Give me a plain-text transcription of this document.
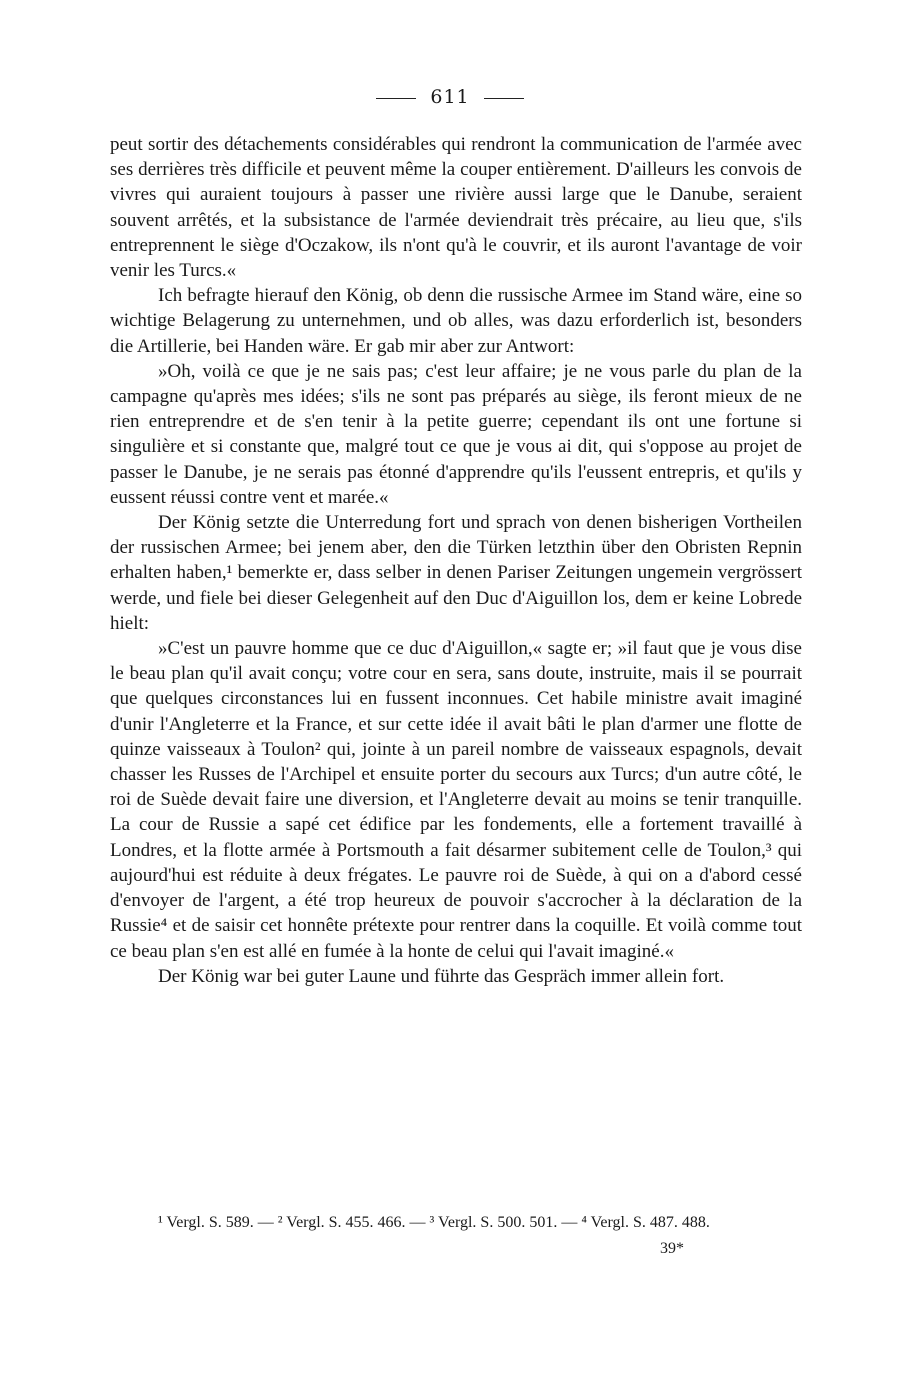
611

peut sortir des détachements considérables qui rendront la communication de l'armée avec ses derrières très difficile et peuvent même la couper entièrement. D'ailleurs les convois de vivres qui auraient toujours à passer une rivière aussi large que le Danube, seraient souvent arrêtés, et la subsistance de l'armée deviendrait très précaire, au lieu que, s'ils entreprennent le siège d'Oczakow, ils n'ont qu'à le couvrir, et ils auront l'avantage de voir venir les Turcs.«

Ich befragte hierauf den König, ob denn die russische Armee im Stand wäre, eine so wichtige Belagerung zu unternehmen, und ob alles, was dazu erforderlich ist, besonders die Artillerie, bei Handen wäre. Er gab mir aber zur Antwort:

»Oh, voilà ce que je ne sais pas; c'est leur affaire; je ne vous parle du plan de la campagne qu'après mes idées; s'ils ne sont pas préparés au siège, ils feront mieux de ne rien entreprendre et de s'en tenir à la petite guerre; cependant ils ont une fortune si singulière et si constante que, malgré tout ce que je vous ai dit, qui s'oppose au projet de passer le Danube, je ne serais pas étonné d'apprendre qu'ils l'eussent entrepris, et qu'ils y eussent réussi contre vent et marée.«

Der König setzte die Unterredung fort und sprach von denen bisherigen Vortheilen der russischen Armee; bei jenem aber, den die Türken letzthin über den Obristen Repnin erhalten haben,¹ bemerkte er, dass selber in denen Pariser Zeitungen ungemein vergrössert werde, und fiele bei dieser Gelegenheit auf den Duc d'Aiguillon los, dem er keine Lobrede hielt:

»C'est un pauvre homme que ce duc d'Aiguillon,« sagte er; »il faut que je vous dise le beau plan qu'il avait conçu; votre cour en sera, sans doute, instruite, mais il se pourrait que quelques circonstances lui en fussent inconnues. Cet habile ministre avait imaginé d'unir l'Angleterre et la France, et sur cette idée il avait bâti le plan d'armer une flotte de quinze vaisseaux à Toulon² qui, jointe à un pareil nombre de vaisseaux espagnols, devait chasser les Russes de l'Archipel et ensuite porter du secours aux Turcs; d'un autre côté, le roi de Suède devait faire une diversion, et l'Angleterre devait au moins se tenir tranquille. La cour de Russie a sapé cet édifice par les fondements, elle a fortement travaillé à Londres, et la flotte armée à Portsmouth a fait désarmer subitement celle de Toulon,³ qui aujourd'hui est réduite à deux frégates. Le pauvre roi de Suède, à qui on a d'abord cessé d'envoyer de l'argent, a été trop heureux de pouvoir s'accrocher à la déclaration de la Russie⁴ et de saisir cet honnête prétexte pour rentrer dans la coquille. Et voilà comme tout ce beau plan s'en est allé en fumée à la honte de celui qui l'avait imaginé.«

Der König war bei guter Laune und führte das Gespräch immer allein fort.

¹ Vergl. S. 589. — ² Vergl. S. 455. 466. — ³ Vergl. S. 500. 501. — ⁴ Vergl. S. 487. 488.
39*
